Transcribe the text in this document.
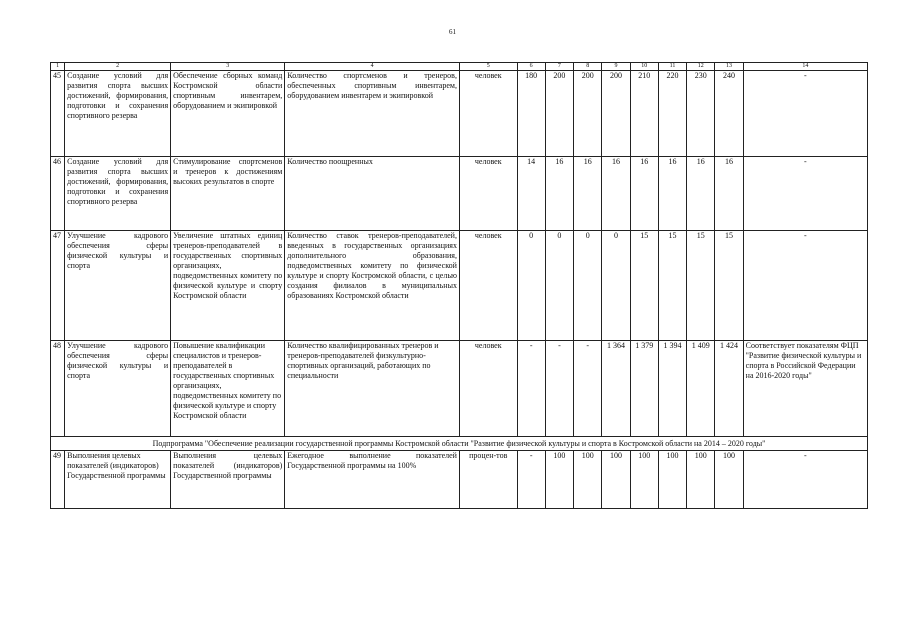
61
1	2	3	4	5	6	7	8	9	10	11	12	13	14
45	Создание условий для развития спорта высших достижений, формирования, подготовки и сохранения спортивного резерва	Обеспечение сборных команд Костромской области спортивным инвентарем, оборудованием и экипировкой	Количество спортсменов и тренеров, обеспеченных спортивным инвентарем, оборудованием инвентарем и экипировкой	человек	180	200	200	200	210	220	230	240	-
46	Создание условий для развития спорта высших достижений, формирования, подготовки и сохранения спортивного резерва	Стимулирование спортсменов и тренеров к достижениям высоких результатов в спорте	Количество поощренных	человек	14	16	16	16	16	16	16	16	-
47	Улучшение кадрового обеспечения сферы физической культуры и спорта	Увеличение штатных единиц тренеров-преподавателей в государственных спортивных организациях, подведомственных комитету по физической культуре и спорту Костромской области	Количество ставок тренеров-преподавателей, введенных в государственных организациях дополнительного образования, подведомственных комитету по физической культуре и спорту Костромской области, с целью создания филиалов в муниципальных образованиях Костромской области	человек	0	0	0	0	15	15	15	15	-
48	Улучшение кадрового обеспечения сферы физической культуры и спорта	Повышение квалификации специалистов и тренеров-преподавателей в государственных спортивных организациях, подведомственных комитету по физической культуре и спорту Костромской области	Количество квалифицированных тренеров и тренеров-преподавателей физкультурно-спортивных организаций, работающих по специальности	человек	-	-	-	1 364	1 379	1 394	1 409	1 424	Соответствует показателям ФЦП "Развитие физической культуры и спорта в Российской Федерации на 2016-2020 годы"
Подпрограмма "Обеспечение реализации государственной программы Костромской области "Развитие физической культуры и спорта в Костромской области на 2014 – 2020 годы"													
49	Выполнения целевых показателей (индикаторов) Государственной программы	Выполнения целевых показателей (индикаторов) Государственной программы	Ежегодное выполнение показателей Государственной программы на 100%	процен-тов	-	100	100	100	100	100	100	100	-
